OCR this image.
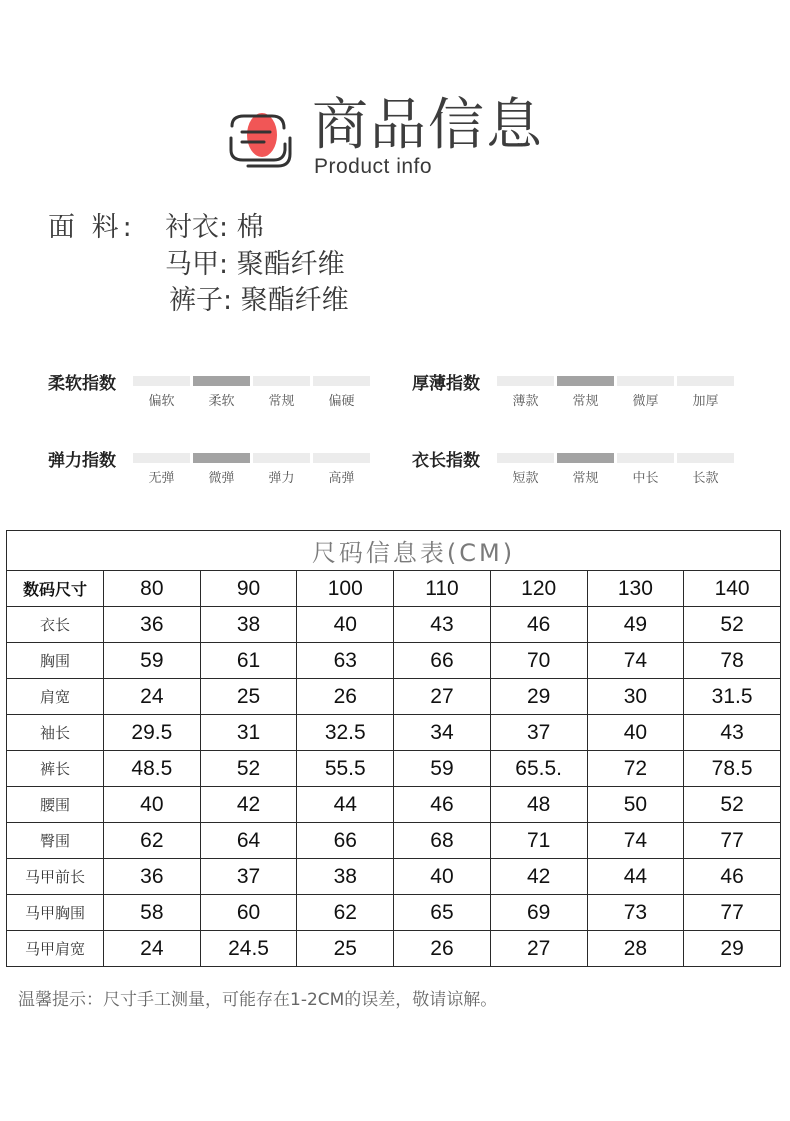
商品信息
Product info
面 料: 衬衣: 棉
马甲: 聚酯纤维
裤子: 聚酯纤维
柔软指数
偏软	柔软	常规	偏硬
厚薄指数
薄款	常规	微厚	加厚
弹力指数
无弹	微弹	弹力	高弹
衣长指数
短款	常规	中长	长款
尺码信息表(CM)							
数码尺寸	80	90	100	110	120	130	140
衣长	36	38	40	43	46	49	52
胸围	59	61	63	66	70	74	78
肩宽	24	25	26	27	29	30	31.5
袖长	29.5	31	32.5	34	37	40	43
裤长	48.5	52	55.5	59	65.5.	72	78.5
腰围	40	42	44	46	48	50	52
臀围	62	64	66	68	71	74	77
马甲前长	36	37	38	40	42	44	46
马甲胸围	58	60	62	65	69	73	77
马甲肩宽	24	24.5	25	26	27	28	29
温馨提示：尺寸手工测量，可能存在1-2CM的误差，敬请谅解。
